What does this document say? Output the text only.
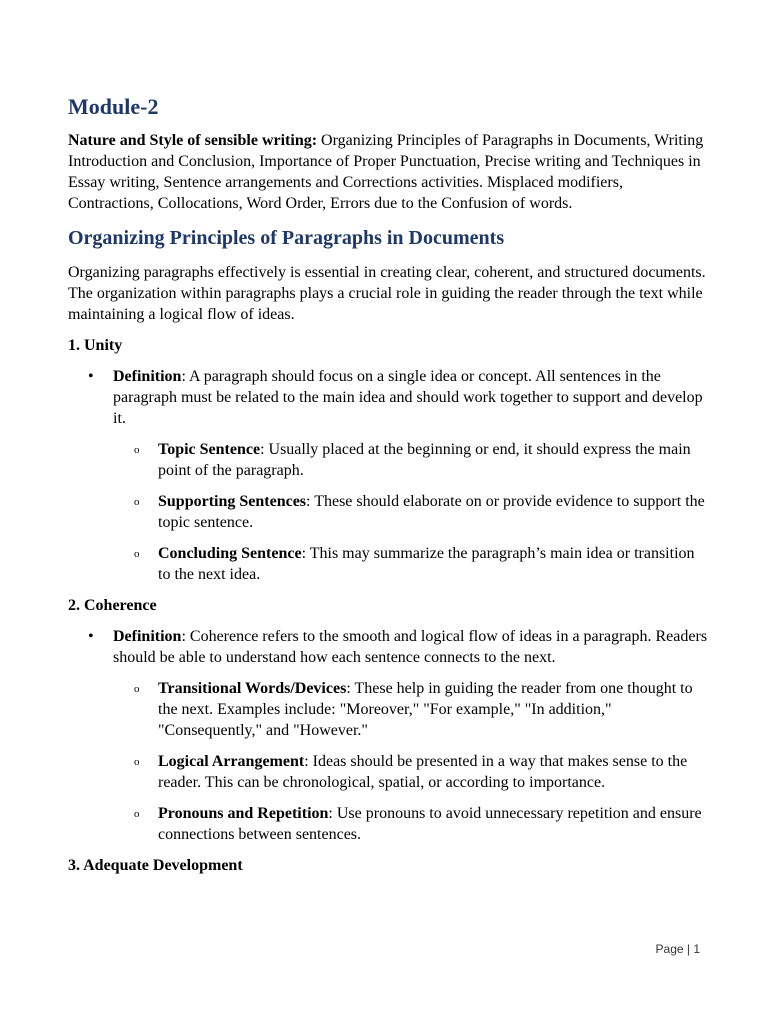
Module-2

Nature and Style of sensible writing: Organizing Principles of Paragraphs in Documents, Writing Introduction and Conclusion, Importance of Proper Punctuation, Precise writing and Techniques in Essay writing, Sentence arrangements and Corrections activities. Misplaced modifiers, Contractions, Collocations, Word Order, Errors due to the Confusion of words.

Organizing Principles of Paragraphs in Documents

Organizing paragraphs effectively is essential in creating clear, coherent, and structured documents. The organization within paragraphs plays a crucial role in guiding the reader through the text while maintaining a logical flow of ideas.

1. Unity
• Definition: A paragraph should focus on a single idea or concept. All sentences in the paragraph must be related to the main idea and should work together to support and develop it.
o Topic Sentence: Usually placed at the beginning or end, it should express the main point of the paragraph.
o Supporting Sentences: These should elaborate on or provide evidence to support the topic sentence.
o Concluding Sentence: This may summarize the paragraph’s main idea or transition to the next idea.
2. Coherence
• Definition: Coherence refers to the smooth and logical flow of ideas in a paragraph. Readers should be able to understand how each sentence connects to the next.
o Transitional Words/Devices: These help in guiding the reader from one thought to the next. Examples include: "Moreover," "For example," "In addition," "Consequently," and "However."
o Logical Arrangement: Ideas should be presented in a way that makes sense to the reader. This can be chronological, spatial, or according to importance.
o Pronouns and Repetition: Use pronouns to avoid unnecessary repetition and ensure connections between sentences.
3. Adequate Development
Page | 1
